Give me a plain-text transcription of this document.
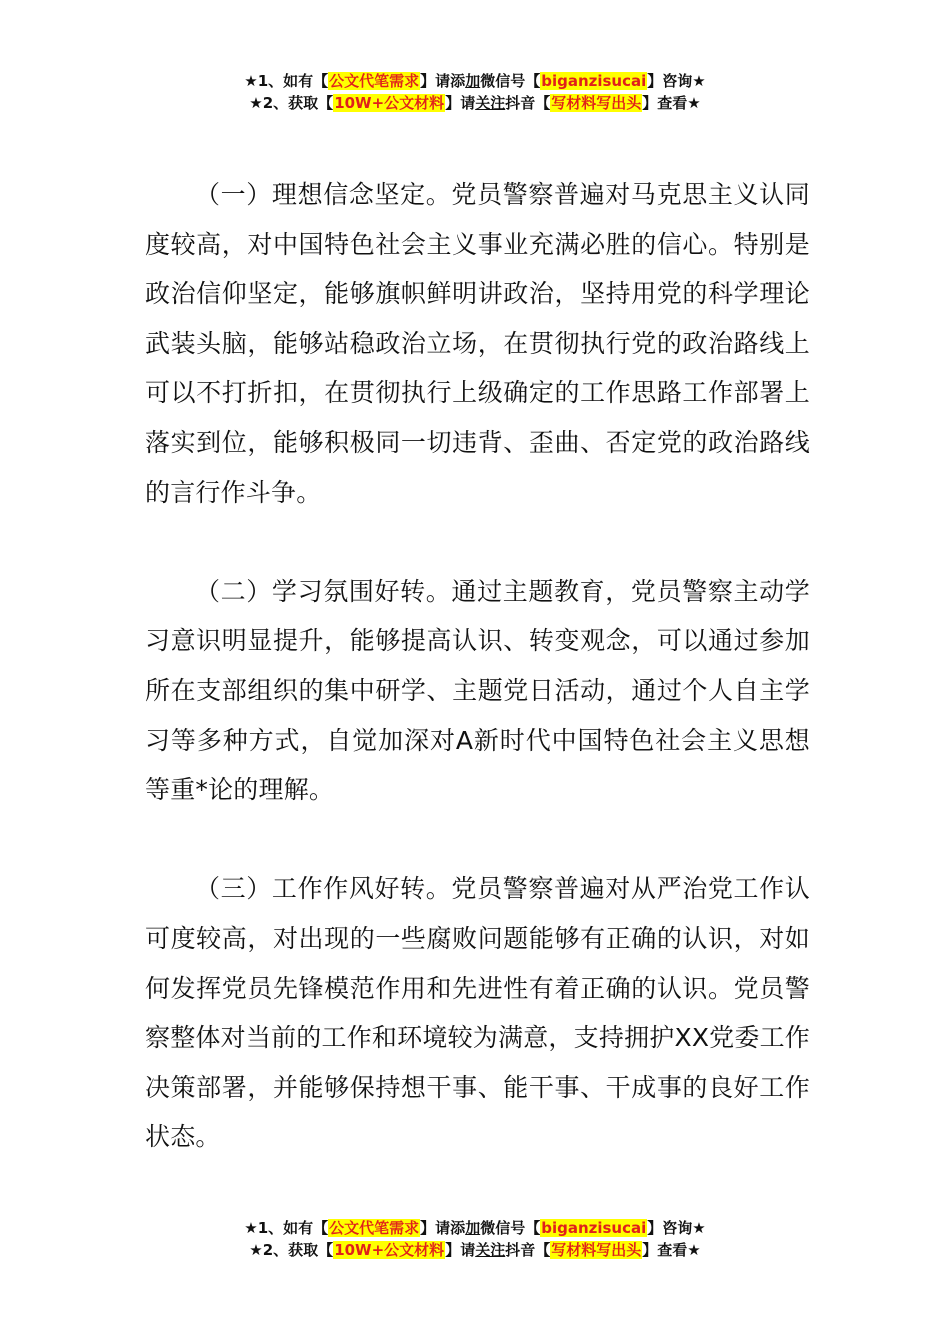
★1、如有【公文代笔需求】请添加微信号【biganzisucai】咨询★
★2、获取【10W+公文材料】请关注抖音【写材料写出头】查看★

（一）理想信念坚定。党员警察普遍对马克思主义认同度较高，对中国特色社会主义事业充满必胜的信心。特别是政治信仰坚定，能够旗帜鲜明讲政治，坚持用党的科学理论武装头脑，能够站稳政治立场，在贯彻执行党的政治路线上可以不打折扣，在贯彻执行上级确定的工作思路工作部署上落实到位，能够积极同一切违背、歪曲、否定党的政治路线的言行作斗争。

（二）学习氛围好转。通过主题教育，党员警察主动学习意识明显提升，能够提高认识、转变观念，可以通过参加所在支部组织的集中研学、主题党日活动，通过个人自主学习等多种方式，自觉加深对A新时代中国特色社会主义思想等重*论的理解。

（三）工作作风好转。党员警察普遍对从严治党工作认可度较高，对出现的一些腐败问题能够有正确的认识，对如何发挥党员先锋模范作用和先进性有着正确的认识。党员警察整体对当前的工作和环境较为满意，支持拥护XX党委工作决策部署，并能够保持想干事、能干事、干成事的良好工作状态。

★1、如有【公文代笔需求】请添加微信号【biganzisucai】咨询★
★2、获取【10W+公文材料】请关注抖音【写材料写出头】查看★
